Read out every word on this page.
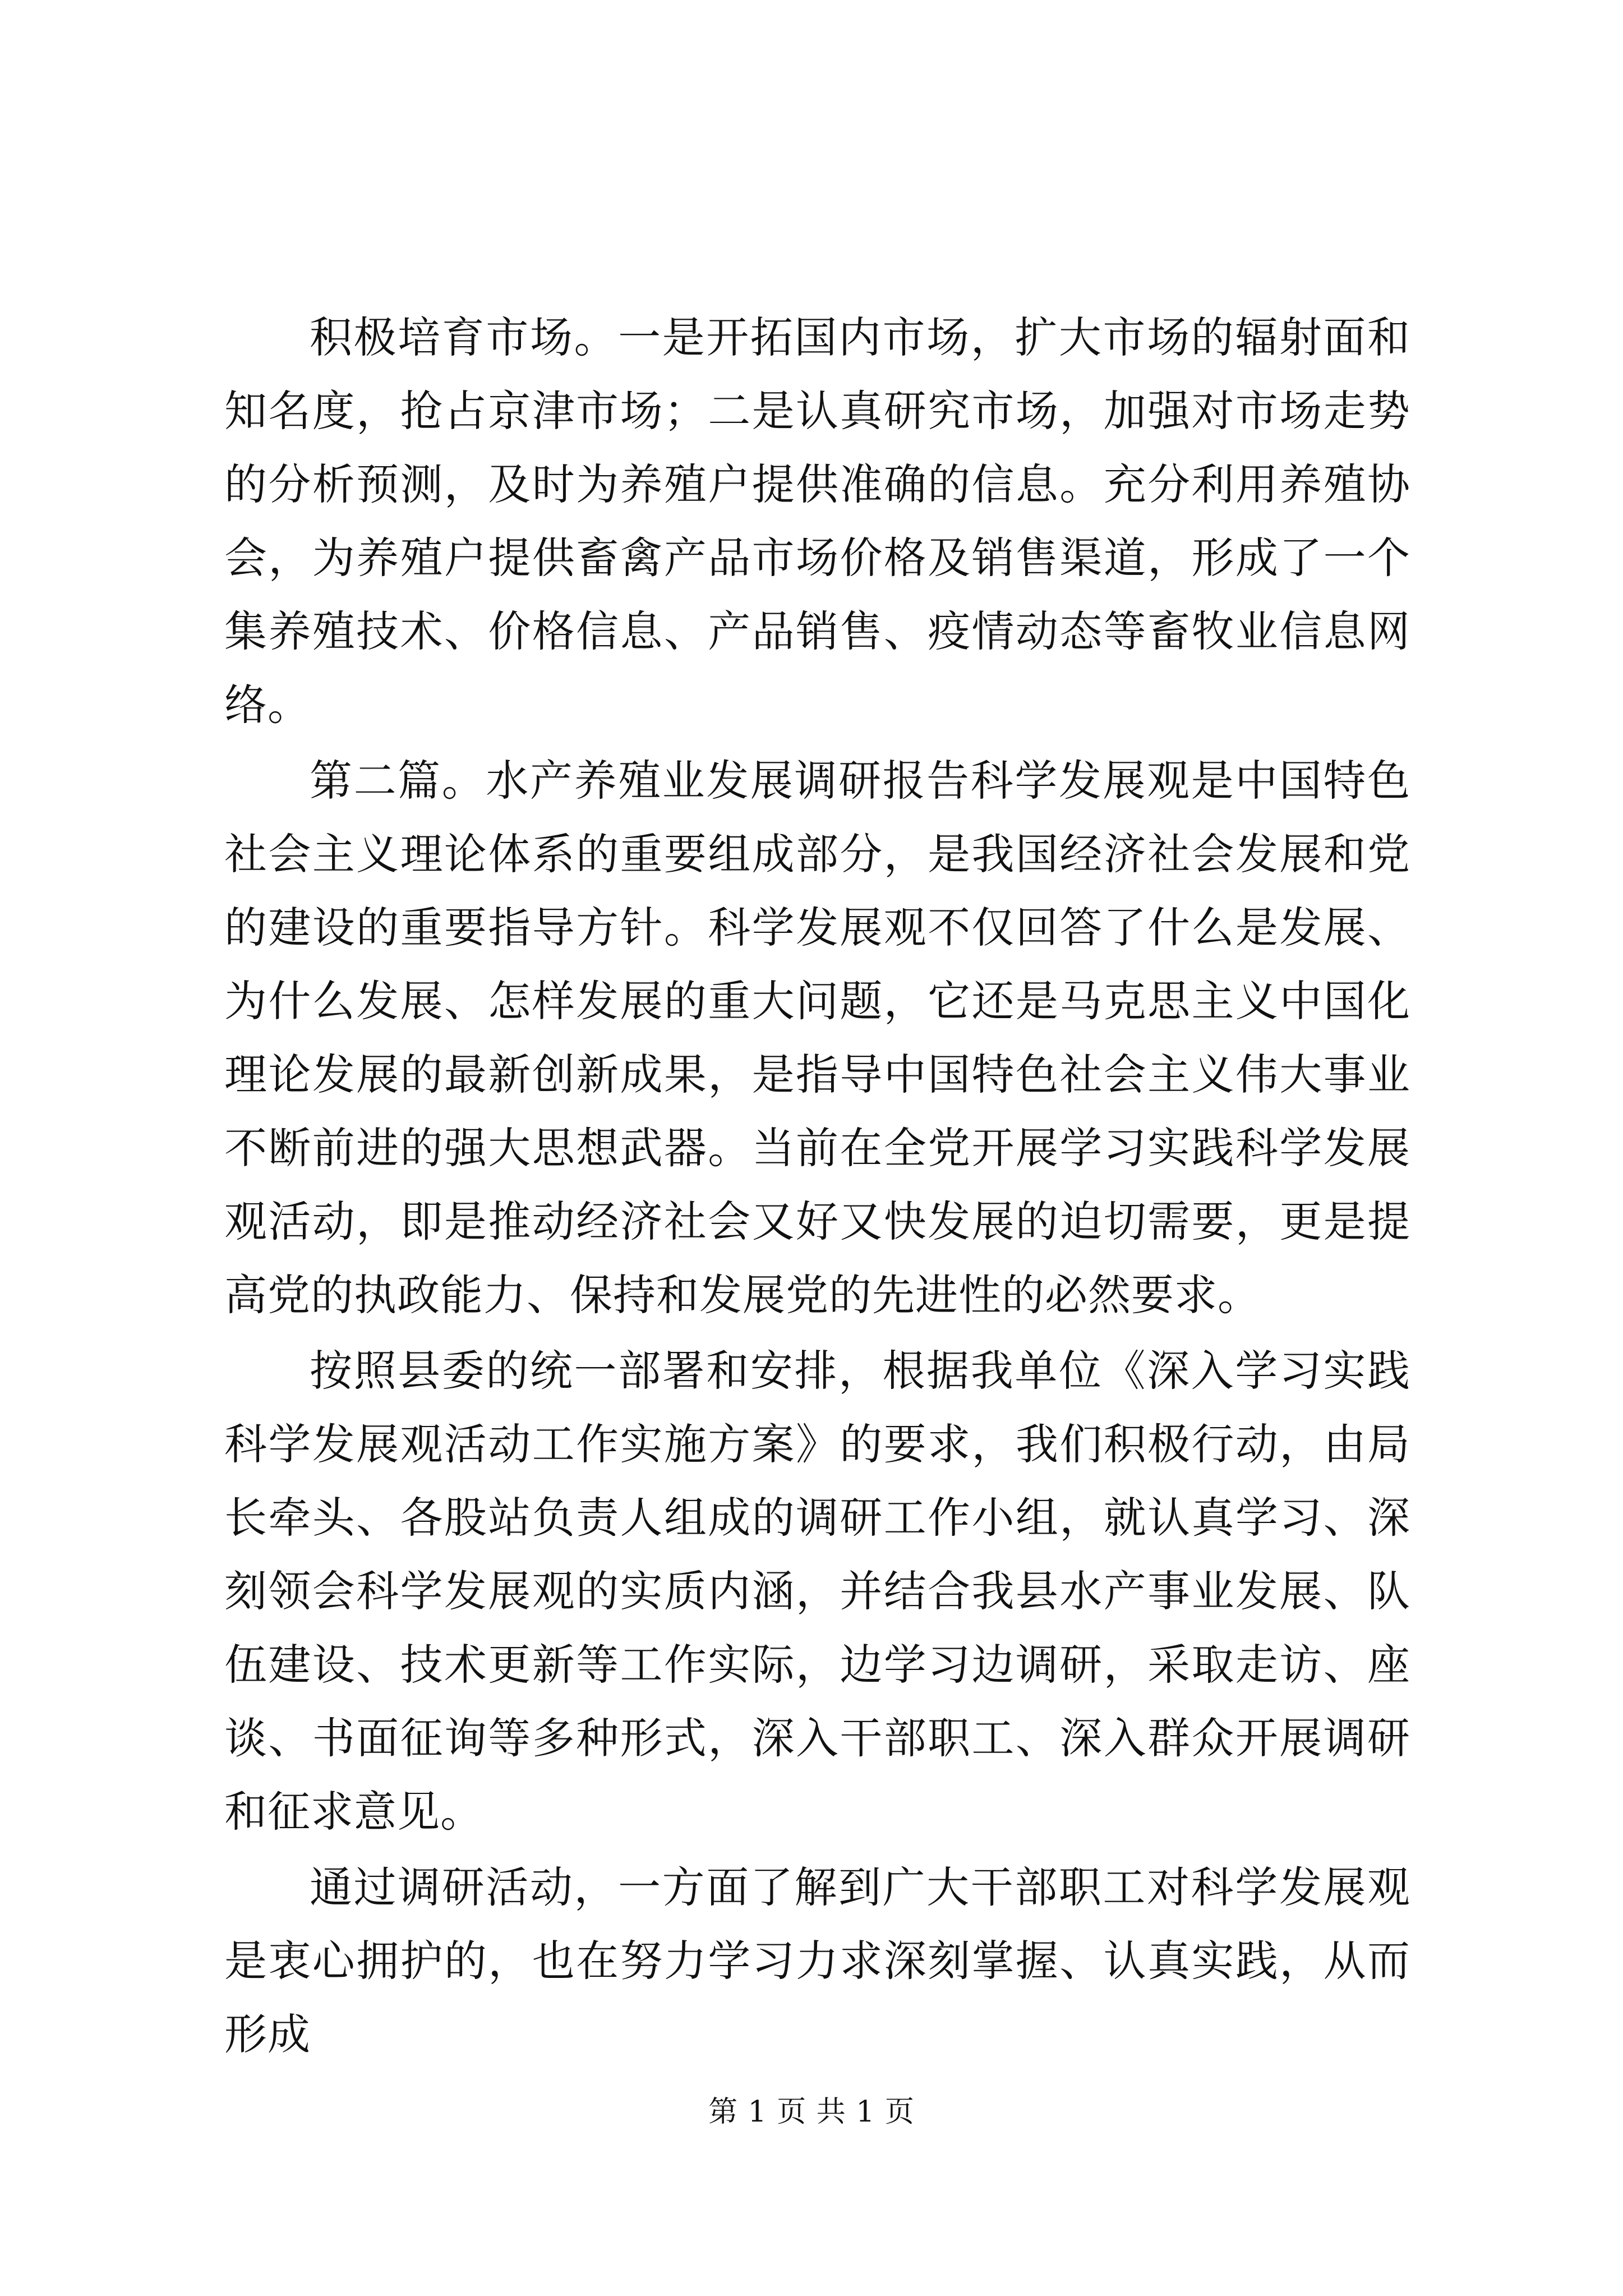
积极培育市场。一是开拓国内市场，扩大市场的辐射面和知名度，抢占京津市场；二是认真研究市场，加强对市场走势的分析预测，及时为养殖户提供准确的信息。充分利用养殖协会，为养殖户提供畜禽产品市场价格及销售渠道，形成了一个集养殖技术、价格信息、产品销售、疫情动态等畜牧业信息网络。

第二篇。水产养殖业发展调研报告科学发展观是中国特色社会主义理论体系的重要组成部分，是我国经济社会发展和党的建设的重要指导方针。科学发展观不仅回答了什么是发展、为什么发展、怎样发展的重大问题，它还是马克思主义中国化理论发展的最新创新成果，是指导中国特色社会主义伟大事业不断前进的强大思想武器。当前在全党开展学习实践科学发展观活动，即是推动经济社会又好又快发展的迫切需要，更是提高党的执政能力、保持和发展党的先进性的必然要求。

按照县委的统一部署和安排，根据我单位《深入学习实践科学发展观活动工作实施方案》的要求，我们积极行动，由局长牵头、各股站负责人组成的调研工作小组，就认真学习、深刻领会科学发展观的实质内涵，并结合我县水产事业发展、队伍建设、技术更新等工作实际，边学习边调研，采取走访、座谈、书面征询等多种形式，深入干部职工、深入群众开展调研和征求意见。

通过调研活动，一方面了解到广大干部职工对科学发展观是衷心拥护的，也在努力学习力求深刻掌握、认真实践，从而形成

第 1 页 共 1 页
